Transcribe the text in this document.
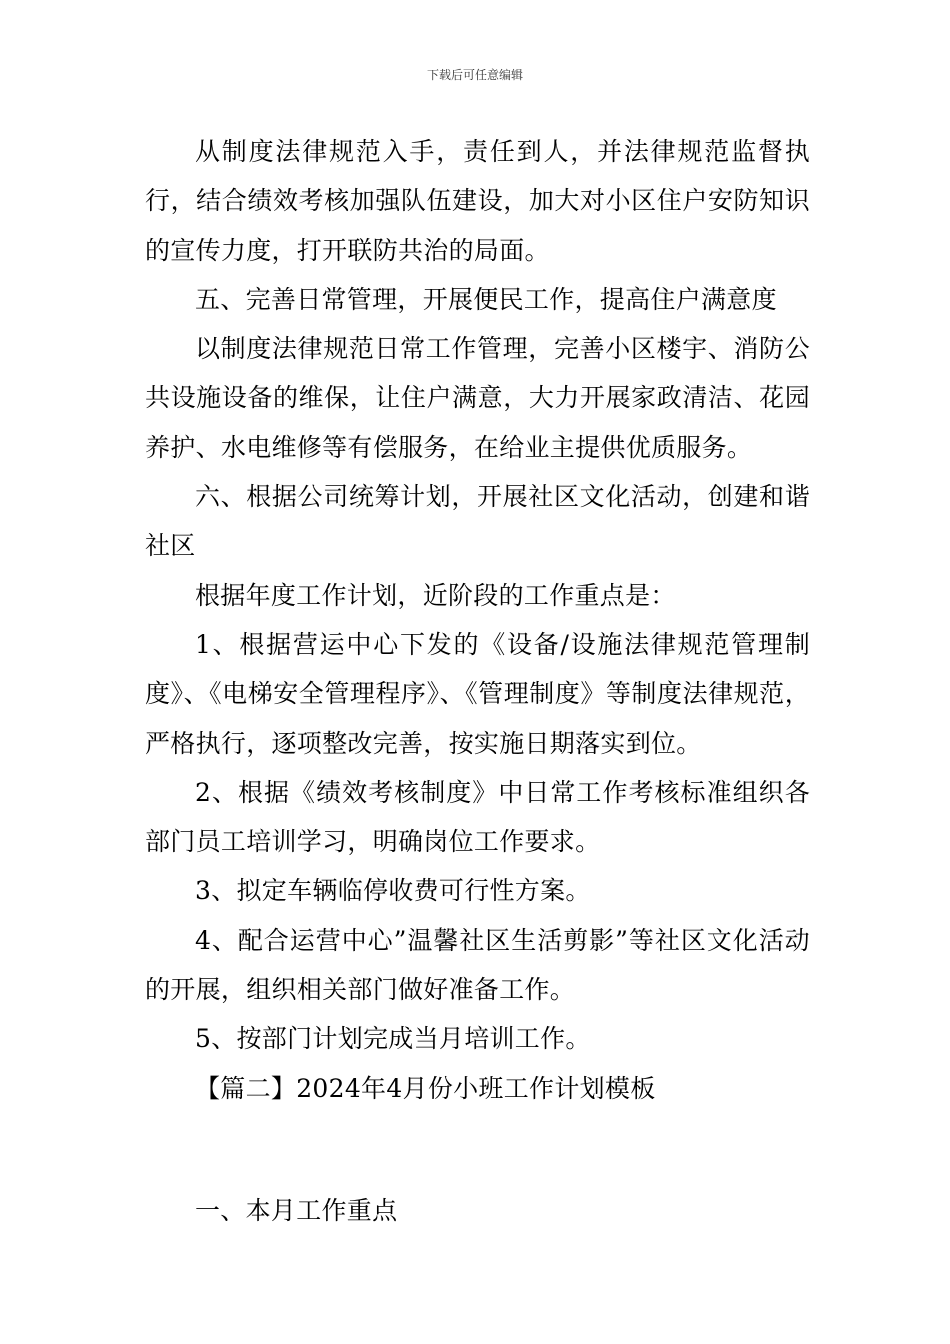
下载后可任意编辑

从制度法律规范入手，责任到人，并法律规范监督执行，结合绩效考核加强队伍建设，加大对小区住户安防知识的宣传力度，打开联防共治的局面。

五、完善日常管理，开展便民工作，提高住户满意度

以制度法律规范日常工作管理，完善小区楼宇、消防公共设施设备的维保，让住户满意，大力开展家政清洁、花园养护、水电维修等有偿服务，在给业主提供优质服务。

六、根据公司统筹计划，开展社区文化活动，创建和谐社区

根据年度工作计划，近阶段的工作重点是：

1、根据营运中心下发的《设备/设施法律规范管理制度》、《电梯安全管理程序》、《管理制度》等制度法律规范，严格执行，逐项整改完善，按实施日期落实到位。

2、根据《绩效考核制度》中日常工作考核标准组织各部门员工培训学习，明确岗位工作要求。

3、拟定车辆临停收费可行性方案。

4、配合运营中心”温馨社区生活剪影”等社区文化活动的开展，组织相关部门做好准备工作。

5、按部门计划完成当月培训工作。

【篇二】2024年4月份小班工作计划模板

一、本月工作重点
